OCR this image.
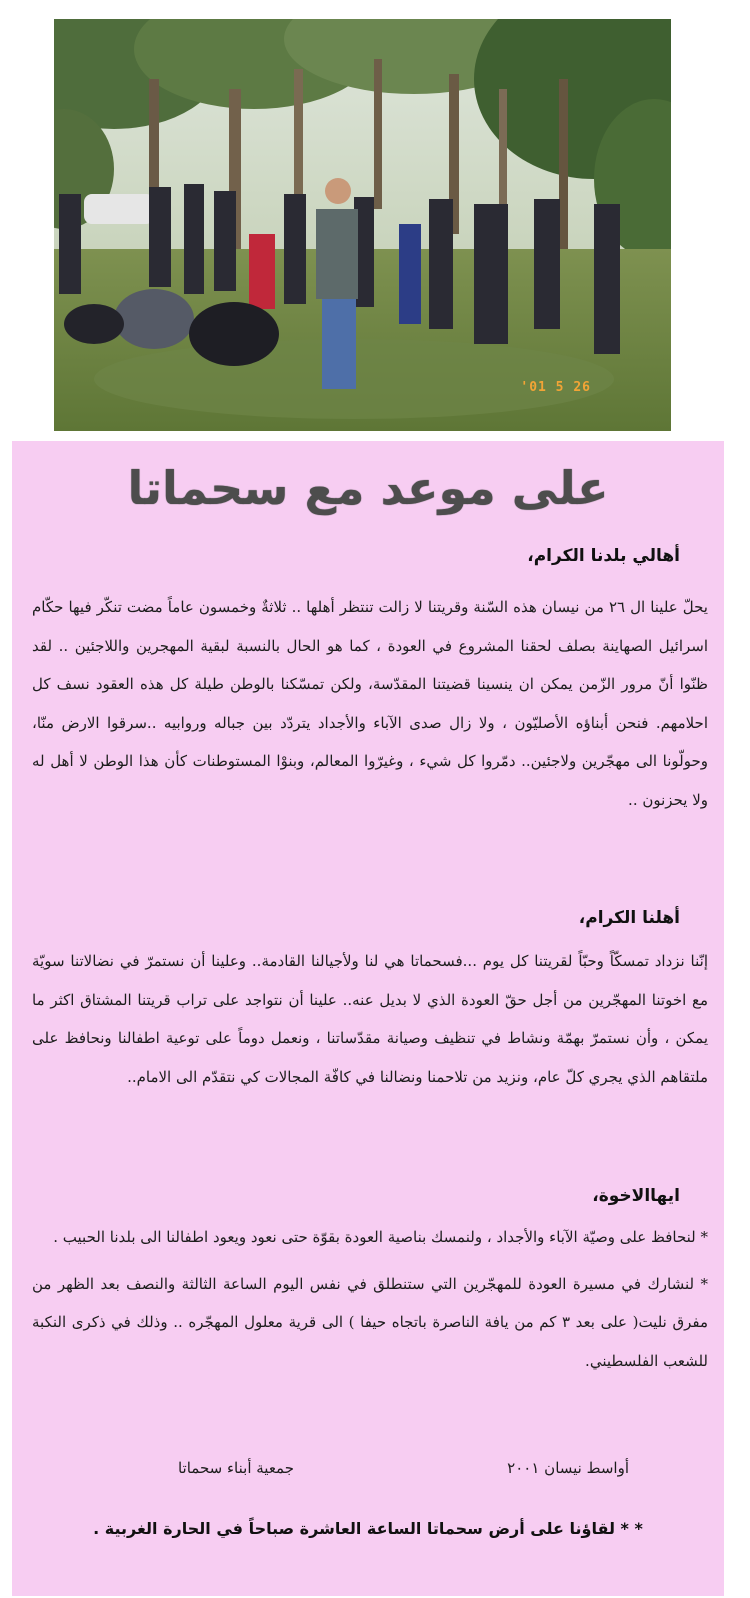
'01 5 26
على موعد مع سحماتا
أهالي بلدنا الكرام،
يحلّ علينا ال ٢٦ من نيسان هذه السّنة وقريتنا لا زالت تنتظر أهلها .. ثلاثةٌ وخمسون عاماً مضت تنكّر فيها حكّام اسرائيل الصهاينة بصلف لحقنا المشروع في العودة ، كما هو الحال بالنسبة لبقية المهجرين واللاجئين .. لقد ظنّوا أنّ مرور الزّمن يمكن ان ينسينا قضيتنا المقدّسة، ولكن تمسّكنا بالوطن طيلة كل هذه العقود نسف كل احلامهم. فنحن أبناؤه الأصليّون ، ولا زال صدى الآباء والأجداد يتردّد بين جباله وروابيه ..سرقوا الارض منّا، وحولّونا الى مهجّرين ولاجئين.. دمّروا كل شيء ، وغيرّوا المعالم، وبنوْا المستوطنات كأن هذا الوطن لا أهل له ولا يحزنون ..
أهلنا الكرام،
إنّنا نزداد تمسكّاً وحبّاً لقريتنا كل يوم ...فسحماتا هي لنا ولأجيالنا القادمة.. وعلينا أن نستمرّ في نضالاتنا سويّة مع اخوتنا المهجّرين من أجل حقّ العودة الذي لا بديل عنه.. علينا أن نتواجد على تراب قريتنا المشتاق اكثر ما يمكن ، وأن نستمرّ بهمّة ونشاط في تنظيف وصيانة مقدّساتنا ، ونعمل دوماً على توعية اطفالنا ونحافظ على ملتقاهم الذي يجري كلّ عام، ونزيد من تلاحمنا ونضالنا في كافّة المجالات كي نتقدّم الى الامام..
ايهاالاخوة،
* لنحافظ على وصيّة الآباء والأجداد ، ولنمسك بناصية العودة بقوّة حتى نعود ويعود اطفالنا الى بلدنا الحبيب .
* لنشارك في مسيرة العودة للمهجّرين التي ستنطلق في نفس اليوم الساعة الثالثة والنصف بعد الظهر من مفرق نليت( على بعد ٣ كم من يافة الناصرة باتجاه حيفا ) الى قرية معلول المهجّره .. وذلك في ذكرى النكبة للشعب الفلسطيني.
أواسط نيسان ٢٠٠١
جمعية أبناء سحماتا
* * لقاؤنا على أرض سحماتا الساعة العاشرة صباحاً في الحارة الغربية .
